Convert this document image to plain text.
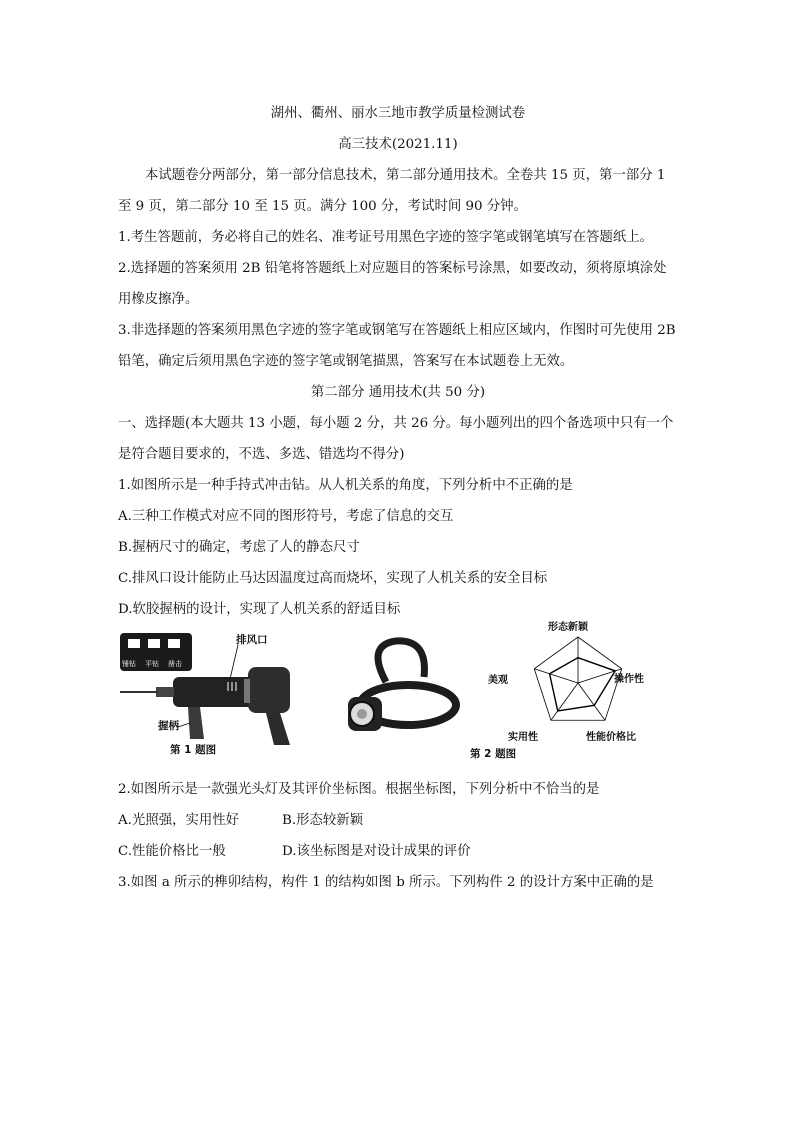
湖州、衢州、丽水三地市教学质量检测试卷

高三技术(2021.11)

本试题卷分两部分，第一部分信息技术，第二部分通用技术。全卷共 15 页，第一部分 1 至 9 页，第二部分 10 至 15 页。满分 100 分，考试时间 90 分钟。

1.考生答题前，务必将自己的姓名、准考证号用黑色字迹的签字笔或钢笔填写在答题纸上。

2.选择题的答案须用 2B 铅笔将答题纸上对应题目的答案标号涂黑，如要改动，须将原填涂处用橡皮擦净。

3.非选择题的答案须用黑色字迹的签字笔或钢笔写在答题纸上相应区域内，作图时可先使用 2B 铅笔，确定后须用黑色字迹的签字笔或钢笔描黑，答案写在本试题卷上无效。

第二部分 通用技术(共 50 分)

一、选择题(本大题共 13 小题，每小题 2 分，共 26 分。每小题列出的四个备选项中只有一个是符合题目要求的，不选、多选、错选均不得分)

1.如图所示是一种手持式冲击钻。从人机关系的角度，下列分析中不正确的是

A.三种工作模式对应不同的图形符号，考虑了信息的交互

B.握柄尺寸的确定，考虑了人的静态尺寸

C.排风口设计能防止马达因温度过高而烧坏，实现了人机关系的安全目标

D.软胶握柄的设计，实现了人机关系的舒适目标

排风口
握柄
锤钻 平钻 凿击
第 1 题图
形态新颖
操作性
性能价格比
实用性
美观
第 2 题图

2.如图所示是一款强光头灯及其评价坐标图。根据坐标图，下列分析中不恰当的是

A.光照强，实用性好	B.形态较新颖

C.性能价格比一般	D.该坐标图是对设计成果的评价

3.如图 a 所示的榫卯结构，构件 1 的结构如图 b 所示。下列构件 2 的设计方案中正确的是
